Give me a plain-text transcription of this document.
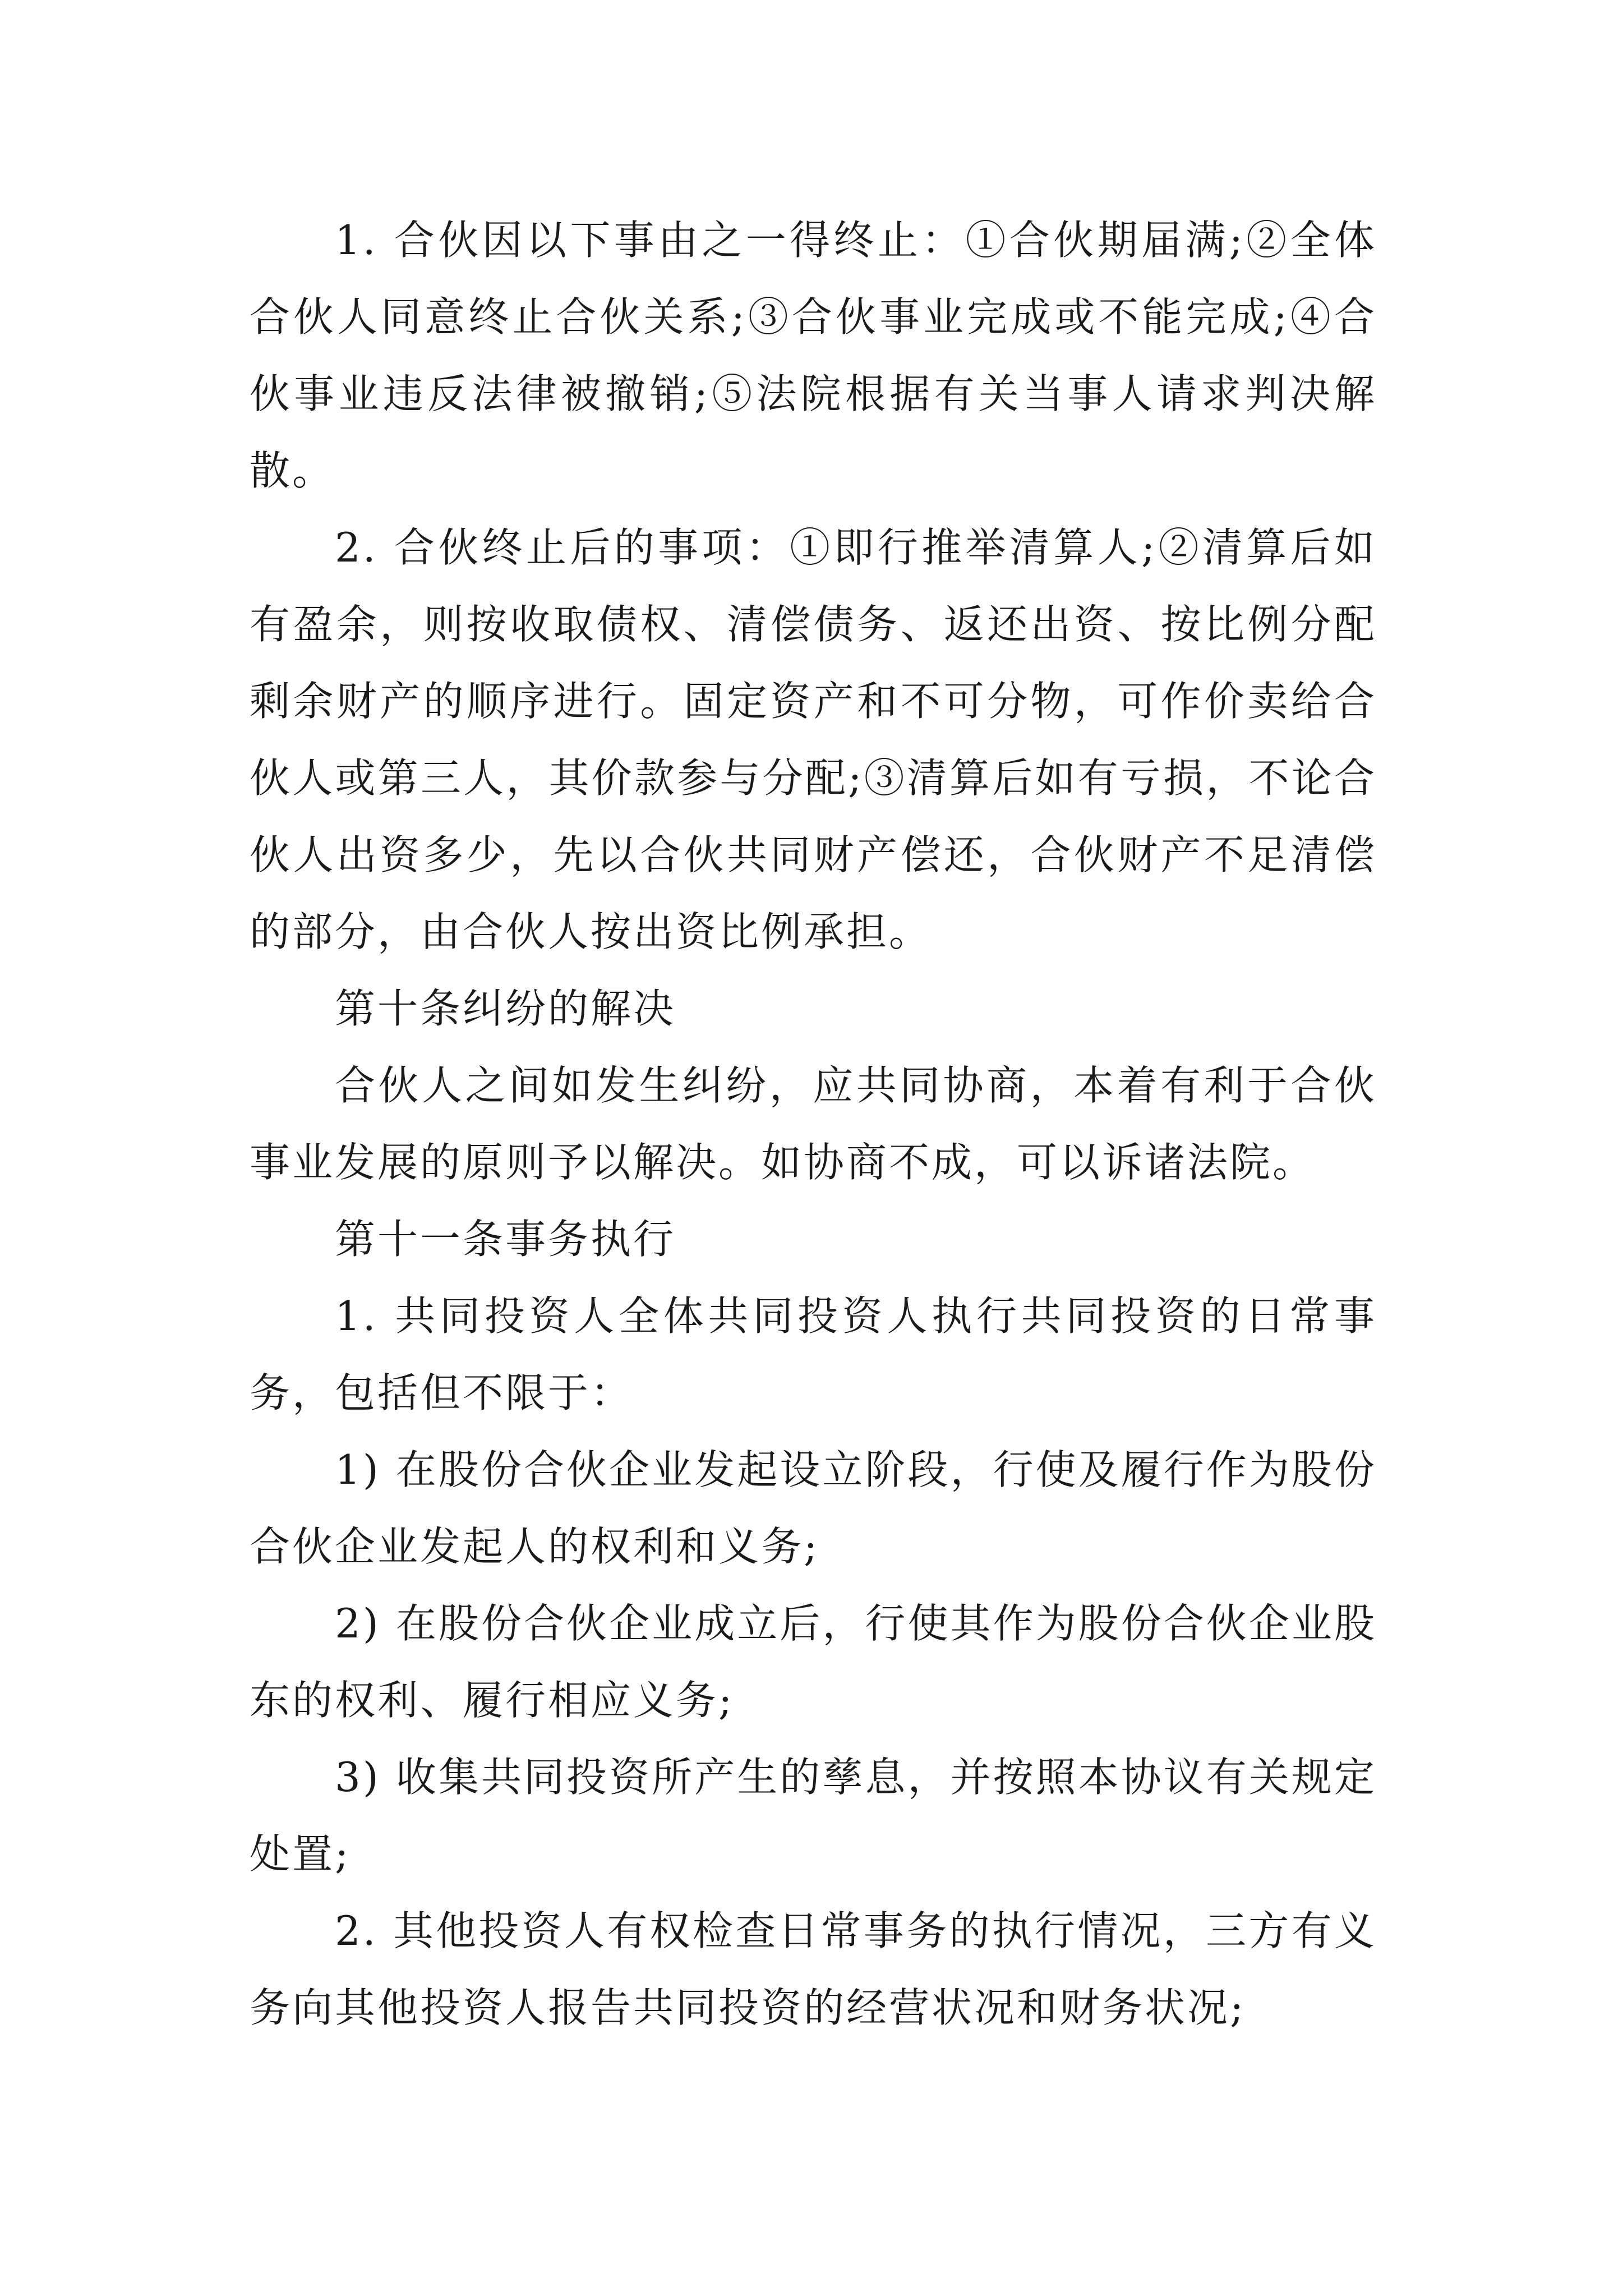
1. 合伙因以下事由之一得终止：①合伙期届满;②全体合伙人同意终止合伙关系;③合伙事业完成或不能完成;④合伙事业违反法律被撤销;⑤法院根据有关当事人请求判决解散。

2. 合伙终止后的事项：①即行推举清算人;②清算后如有盈余，则按收取债权、清偿债务、返还出资、按比例分配剩余财产的顺序进行。固定资产和不可分物，可作价卖给合伙人或第三人，其价款参与分配;③清算后如有亏损，不论合伙人出资多少，先以合伙共同财产偿还，合伙财产不足清偿的部分，由合伙人按出资比例承担。

第十条纠纷的解决

合伙人之间如发生纠纷，应共同协商，本着有利于合伙事业发展的原则予以解决。如协商不成，可以诉诸法院。

第十一条事务执行

1. 共同投资人全体共同投资人执行共同投资的日常事务，包括但不限于：

1) 在股份合伙企业发起设立阶段，行使及履行作为股份合伙企业发起人的权利和义务;

2) 在股份合伙企业成立后，行使其作为股份合伙企业股东的权利、履行相应义务;

3) 收集共同投资所产生的孳息，并按照本协议有关规定处置;

2. 其他投资人有权检查日常事务的执行情况，三方有义务向其他投资人报告共同投资的经营状况和财务状况;
